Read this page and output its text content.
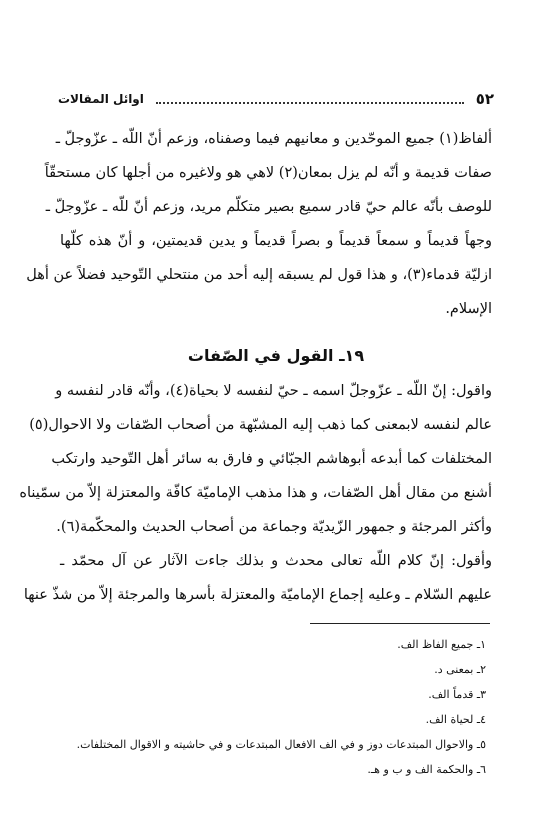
٥٢
اوائل المقالات
ألفاظ(١) جميع الموحّدين و معانيهم فيما وصفناه، وزعم أنّ اللّه ـ عزّوجلّ ـ
صفات قديمة و أنّه لم يزل بمعان(٢) لاهي هو ولاغيره من أجلها كان مستحقّاً
للوصف بأنّه عالم حيّ قادر سميع بصير متكلّم مريد، وزعم أنّ للّه ـ عزّوجلّ ـ
وجهاً قديماً و سمعاً قديماً و بصراً قديماً و يدين قديمتين، و أنّ هذه كلّها
ازليّة قدماء(٣)، و هذا قول لم يسبقه إليه أحد من منتحلي التّوحيد فضلاً عن أهل
الإسلام.
١٩ـ القول في الصّفات
واقول: إنّ اللّه ـ عزّوجلّ اسمه ـ حيّ لنفسه لا بحياة(٤)، وأنّه قادر لنفسه و
عالم لنفسه لابمعنى كما ذهب إليه المشبّهة من أصحاب الصّفات ولا الاحوال(٥)
المختلفات كما أبدعه أبوهاشم الجبّائي و فارق به سائر أهل التّوحيد وارتكب
أشنع من مقال أهل الصّفات، و هذا مذهب الإماميّة كافّة والمعتزلة إلاّ من سمّيناه
وأكثر المرجئة و جمهور الزّيديّة وجماعة من أصحاب الحديث والمحكّمة(٦).
وأقول: إنّ كلام اللّه تعالى محدث و بذلك جاءت الآثار عن آل محمّد ـ
عليهم السّلام ـ وعليه إجماع الإماميّة والمعتزلة بأسرها والمرجئة إلاّ من شذّ عنها
١ـ جميع الفاظ الف.
٢ـ بمعنى د.
٣ـ قدماً الف.
٤ـ لحياة الف.
٥ـ والاحوال المبتدعات دوز و في الف الافعال المبتدعات و في حاشيته و الاقوال المختلفات.
٦ـ والحكمة الف و ب و هـ.
